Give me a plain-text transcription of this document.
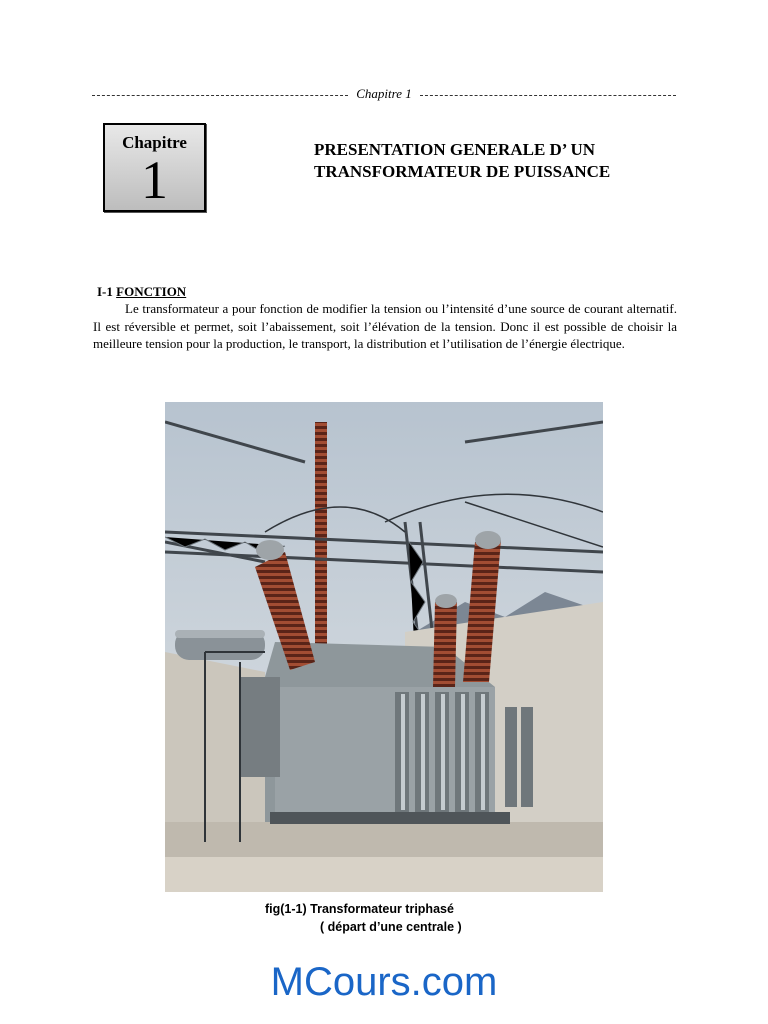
Chapitre 1
Chapitre
1
PRESENTATION GENERALE D’ UN
TRANSFORMATEUR DE PUISSANCE
I-1 FONCTION
Le transformateur a pour fonction de modifier la tension ou l’intensité d’une source de courant alternatif. Il est réversible et permet, soit l’abaissement, soit l’élévation de la tension. Donc il est possible de choisir la meilleure tension pour la production, le transport, la distribution et l’utilisation de l’énergie électrique.
fig(1-1) Transformateur triphasé
( départ d’une centrale )
MCours.com
